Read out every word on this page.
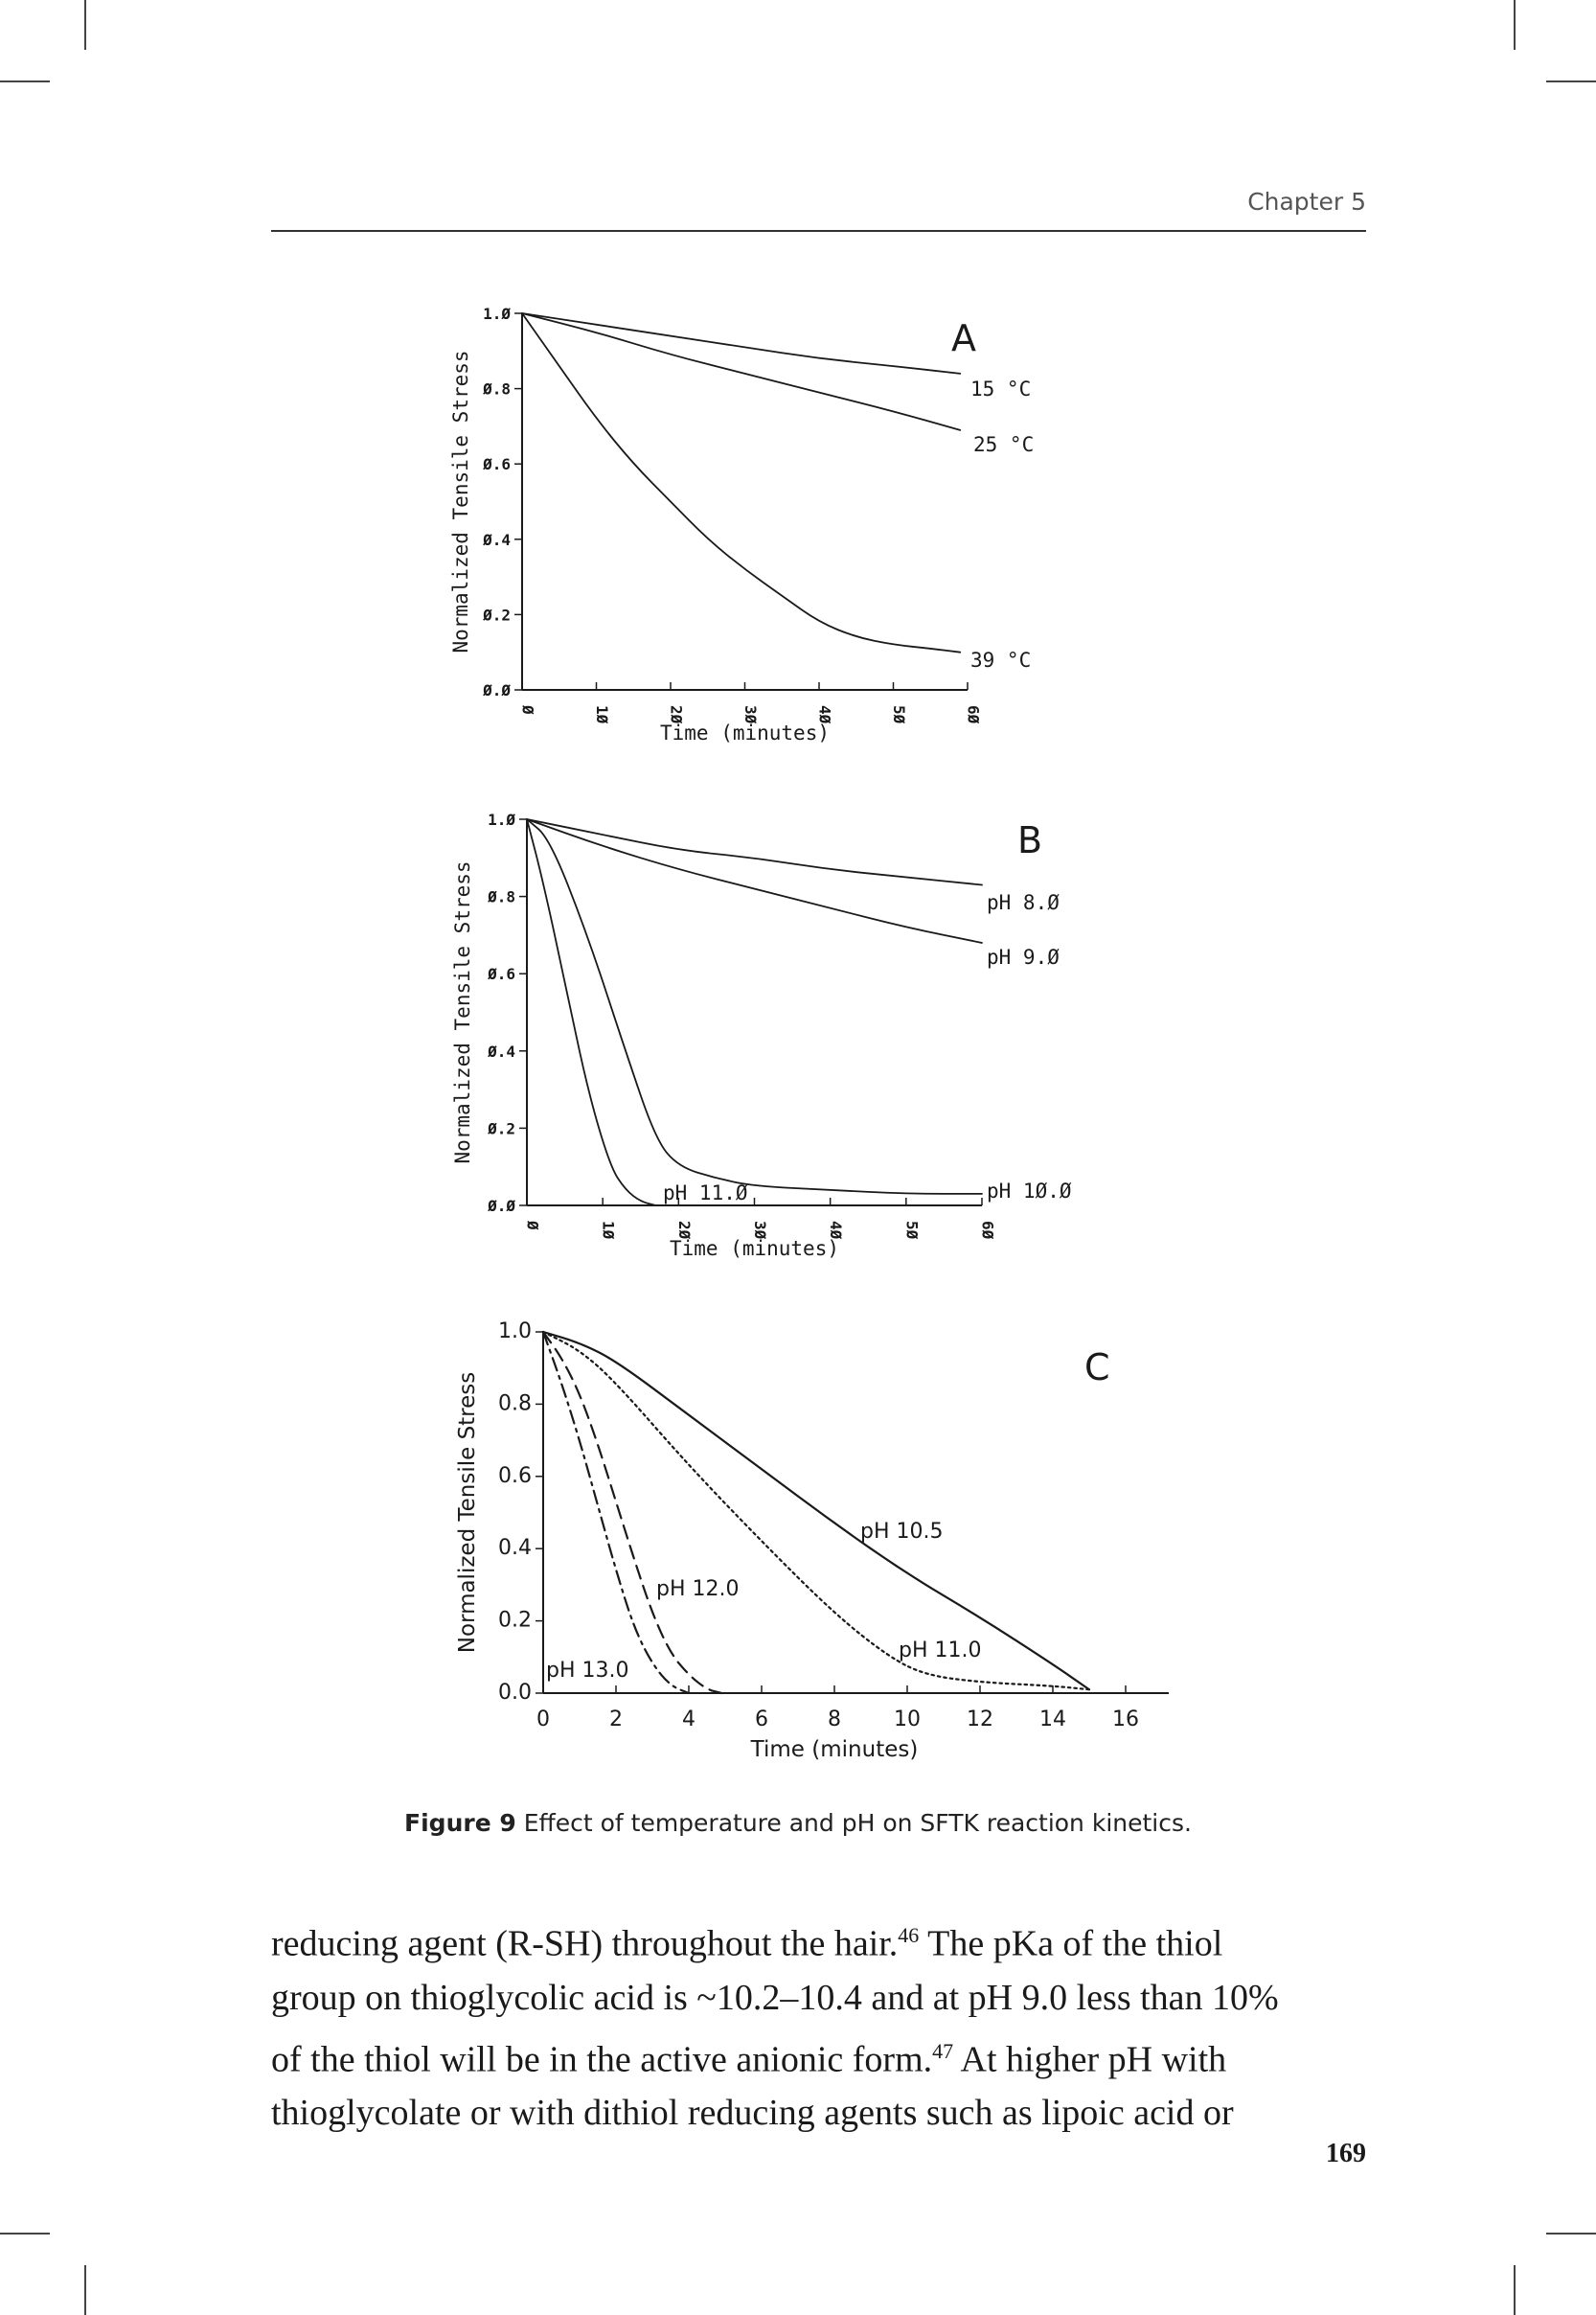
Chapter 5
Ø.Ø
Ø.2
Ø.4
Ø.6
Ø.8
1.Ø
Ø	1Ø	2Ø	3Ø	4Ø	5Ø	6Ø
Time (minutes)
Normalized Tensile Stress
A
15 °C
25 °C
39 °C
Ø.Ø
Ø.2
Ø.4
Ø.6
Ø.8
1.Ø
Ø	1Ø	2Ø	3Ø	4Ø	5Ø	6Ø
Time (minutes)
Normalized Tensile Stress
B
pH 8.Ø
pH 9.Ø
pH 1Ø.Ø
pH 11.Ø
0.0
0.2
0.4
0.6
0.8
1.0
0	2	4	6	8	10 12 14 16
Time (minutes)
Normalized Tensile Stress
C
pH 10.5
pH 11.0
pH 12.0
pH 13.0
Figure 9 Effect of temperature and pH on SFTK reaction kinetics.

reducing agent (R-SH) throughout the hair.$^{46}$ The pKa of the thiol

group on thioglycolic acid is ~10.2–10.4 and at pH 9.0 less than 10%

of the thiol will be in the active anionic form.$^{47}$ At higher pH with

thioglycolate or with dithiol reducing agents such as lipoic acid or

169
